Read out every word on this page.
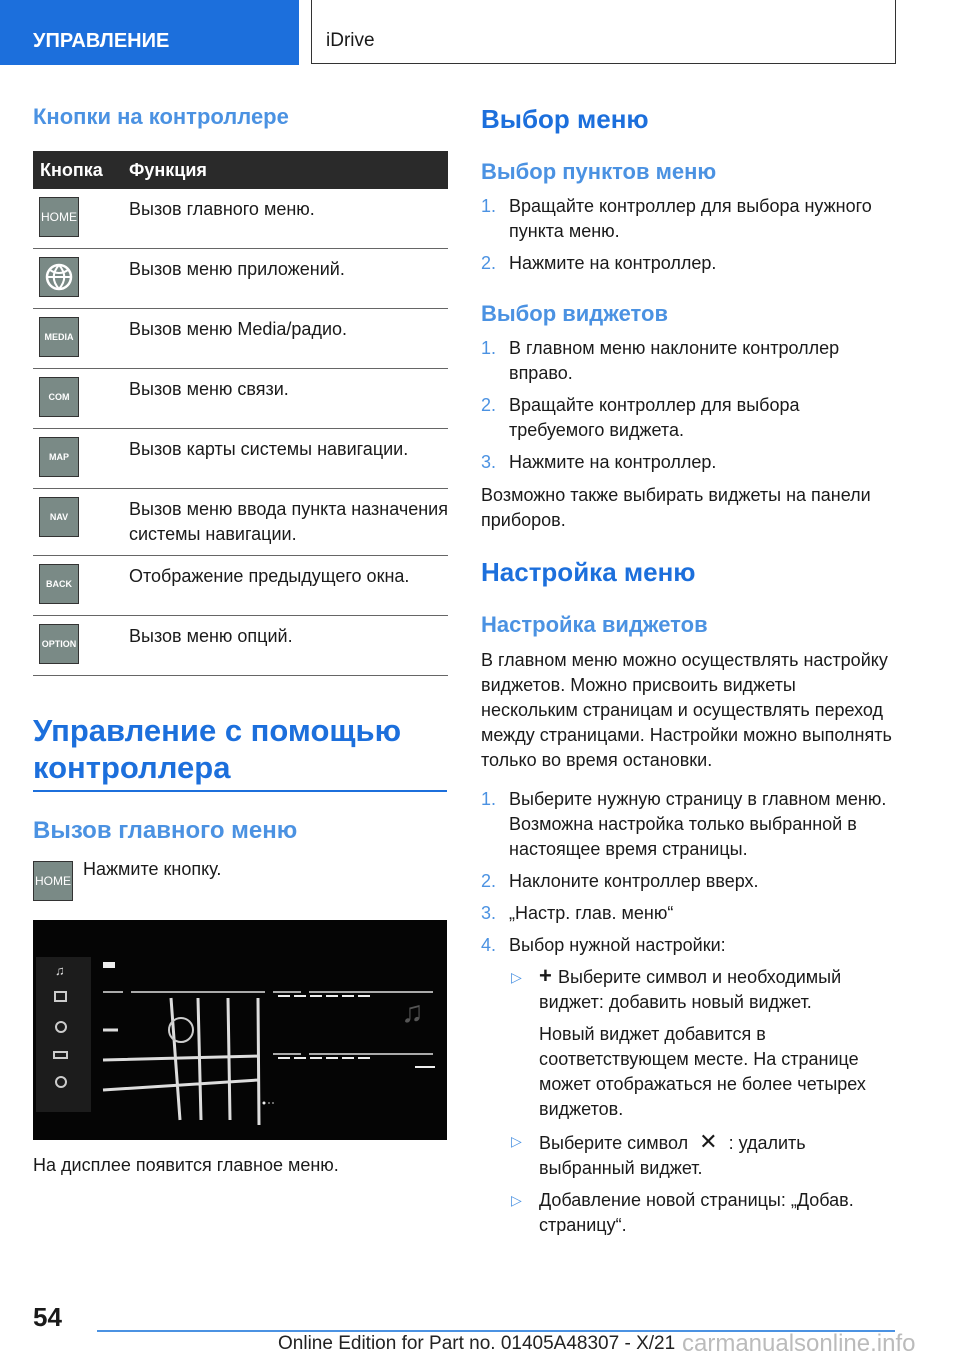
УПРАВЛЕНИЕ	iDrive
Кнопки на контроллере
Кнопка	Функция

HOME	Вызов главного меню.

	Вызов меню приложений.

MEDIA	Вызов меню Media/радио.

COM	Вызов меню связи.

MAP	Вызов карты системы навигации.

NAV	Вызов меню ввода пункта назначения системы навигации.

BACK	Отображение предыдущего окна.

OPTION	Вызов меню опций.
Управление с помощью контроллера
Вызов главного меню
HOME
Нажмите кнопку.
♫
♫
На дисплее появится главное меню.
Выбор меню
Выбор пунктов меню
1. Вращайте контроллер для выбора нужного пункта меню.
2. Нажмите на контроллер.
Выбор виджетов
1. В главном меню наклоните контроллер вправо.
2. Вращайте контроллер для выбора требуемого виджета.
3. Нажмите на контроллер.
Возможно также выбирать виджеты на панели приборов.
Настройка меню
Настройка виджетов
В главном меню можно осуществлять настройку виджетов. Можно присвоить виджеты нескольким страницам и осуществлять переход между страницами. Настройки можно выполнять только во время остановки.
1. Выберите нужную страницу в главном меню. Возможна настройка только выбранной в настоящее время страницы.
2. Наклоните контроллер вверх.
3. „Настр. глав. меню“
4. Выбор нужной настройки:
▷ + Выберите символ и необходимый виджет: добавить новый виджет.
Новый виджет добавится в соответствующем месте. На странице может отображаться не более четырех виджетов.
▷ Выберите символ ✕ : удалить выбранный виджет.
▷ Добавление новой страницы: „Добав. страницу“.
54
Online Edition for Part no. 01405A48307 - X/21 carmanualsonline.info
